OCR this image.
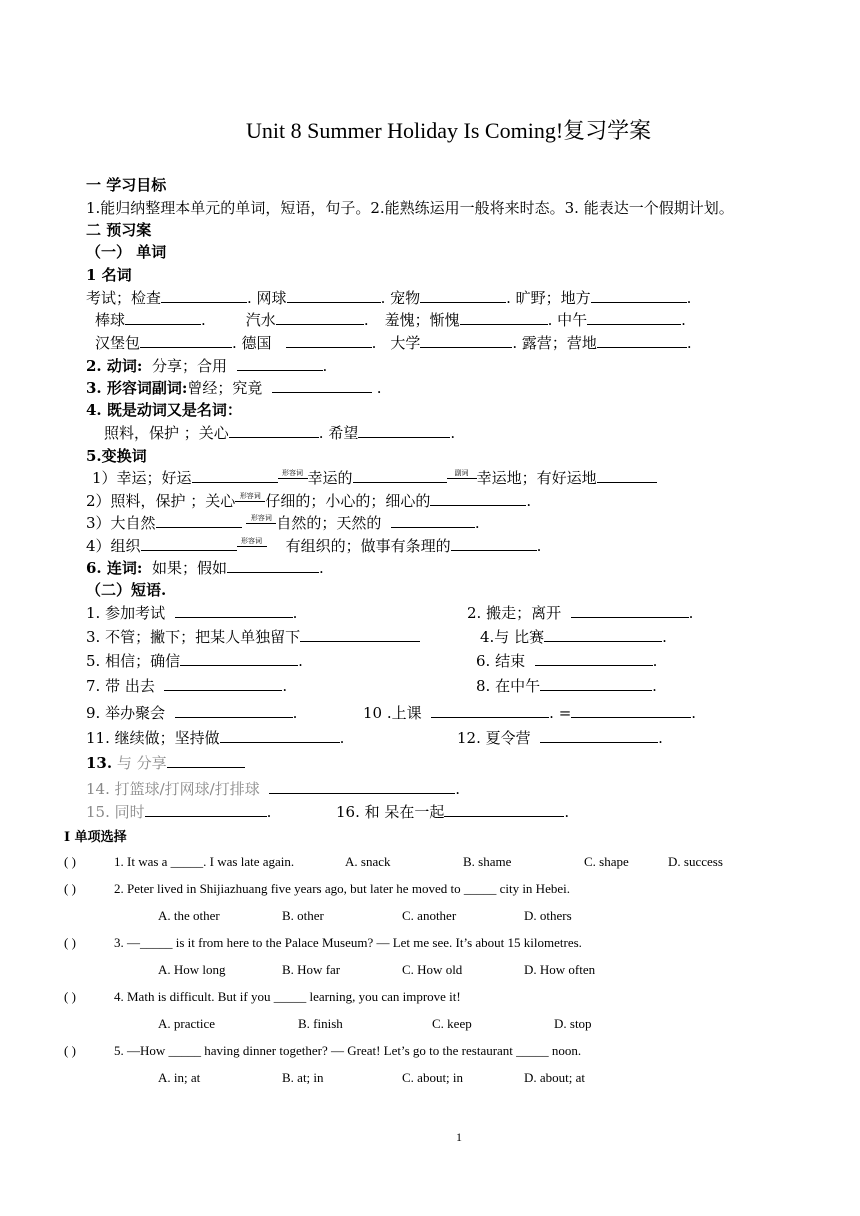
Unit 8 Summer Holiday Is Coming!复习学案
一 学习目标
1.能归纳整理本单元的单词，短语，句子。2.能熟练运用一般将来时态。3. 能表达一个假期计划。
二 预习案
（一） 单词
1 名词
考试；检查	. 网球	. 宠物	. 旷野；地方	.
棒球	.	汽水	. 羞愧；惭愧	. 中午	.
汉堡包	. 德国	. 大学	. 露营；营地	.
2. 动词: 分享；合用	.
3. 形容词副词:曾经；究竟	.
4. 既是动词又是名词：
照料，保护 ；关心	. 希望	.
5.变换词
1）幸运；好运	形容词 幸运的	副词 幸运地；有好运地
2）照料，保护 ；关心 形容词 仔细的；小心的；细心的	.
3）大自然	形容词 自然的；天然的	.
4）组织	形容词 有组织的；做事有条理的	.
6. 连词: 如果；假如	.
（二）短语.
1. 参加考试	.	2. 搬走；离开	.
3. 不管；撇下；把某人单独留下	4.与 比赛	.
5. 相信；确信	.	6. 结束	.
7. 带 出去	.	8. 在中午	.
9. 举办聚会	.	10 .上课	. =	.
11. 继续做；坚持做	.	12. 夏令营	.
13. 与 分享
14. 打篮球/打网球/打排球	.
15. 同时	.	16. 和 呆在一起	.
I 单项选择
( )	1. It was a _____. I was late again.	A. snack	B. shame	C. shape	D. success
( )	2. Peter lived in Shijiazhuang five years ago, but later he moved to _____ city in Hebei.
A. the other	B. other	C. another	D. others
( )	3. —_____ is it from here to the Palace Museum? — Let me see. It’s about 15 kilometres.
A. How long	B. How far	C. How old	D. How often
( )	4. Math is difficult. But if you _____ learning, you can improve it!
A. practice	B. finish	C. keep	D. stop
( )	5. —How _____ having dinner together? — Great! Let’s go to the restaurant _____ noon.
A. in; at	B. at; in	C. about; in	D. about; at
1
